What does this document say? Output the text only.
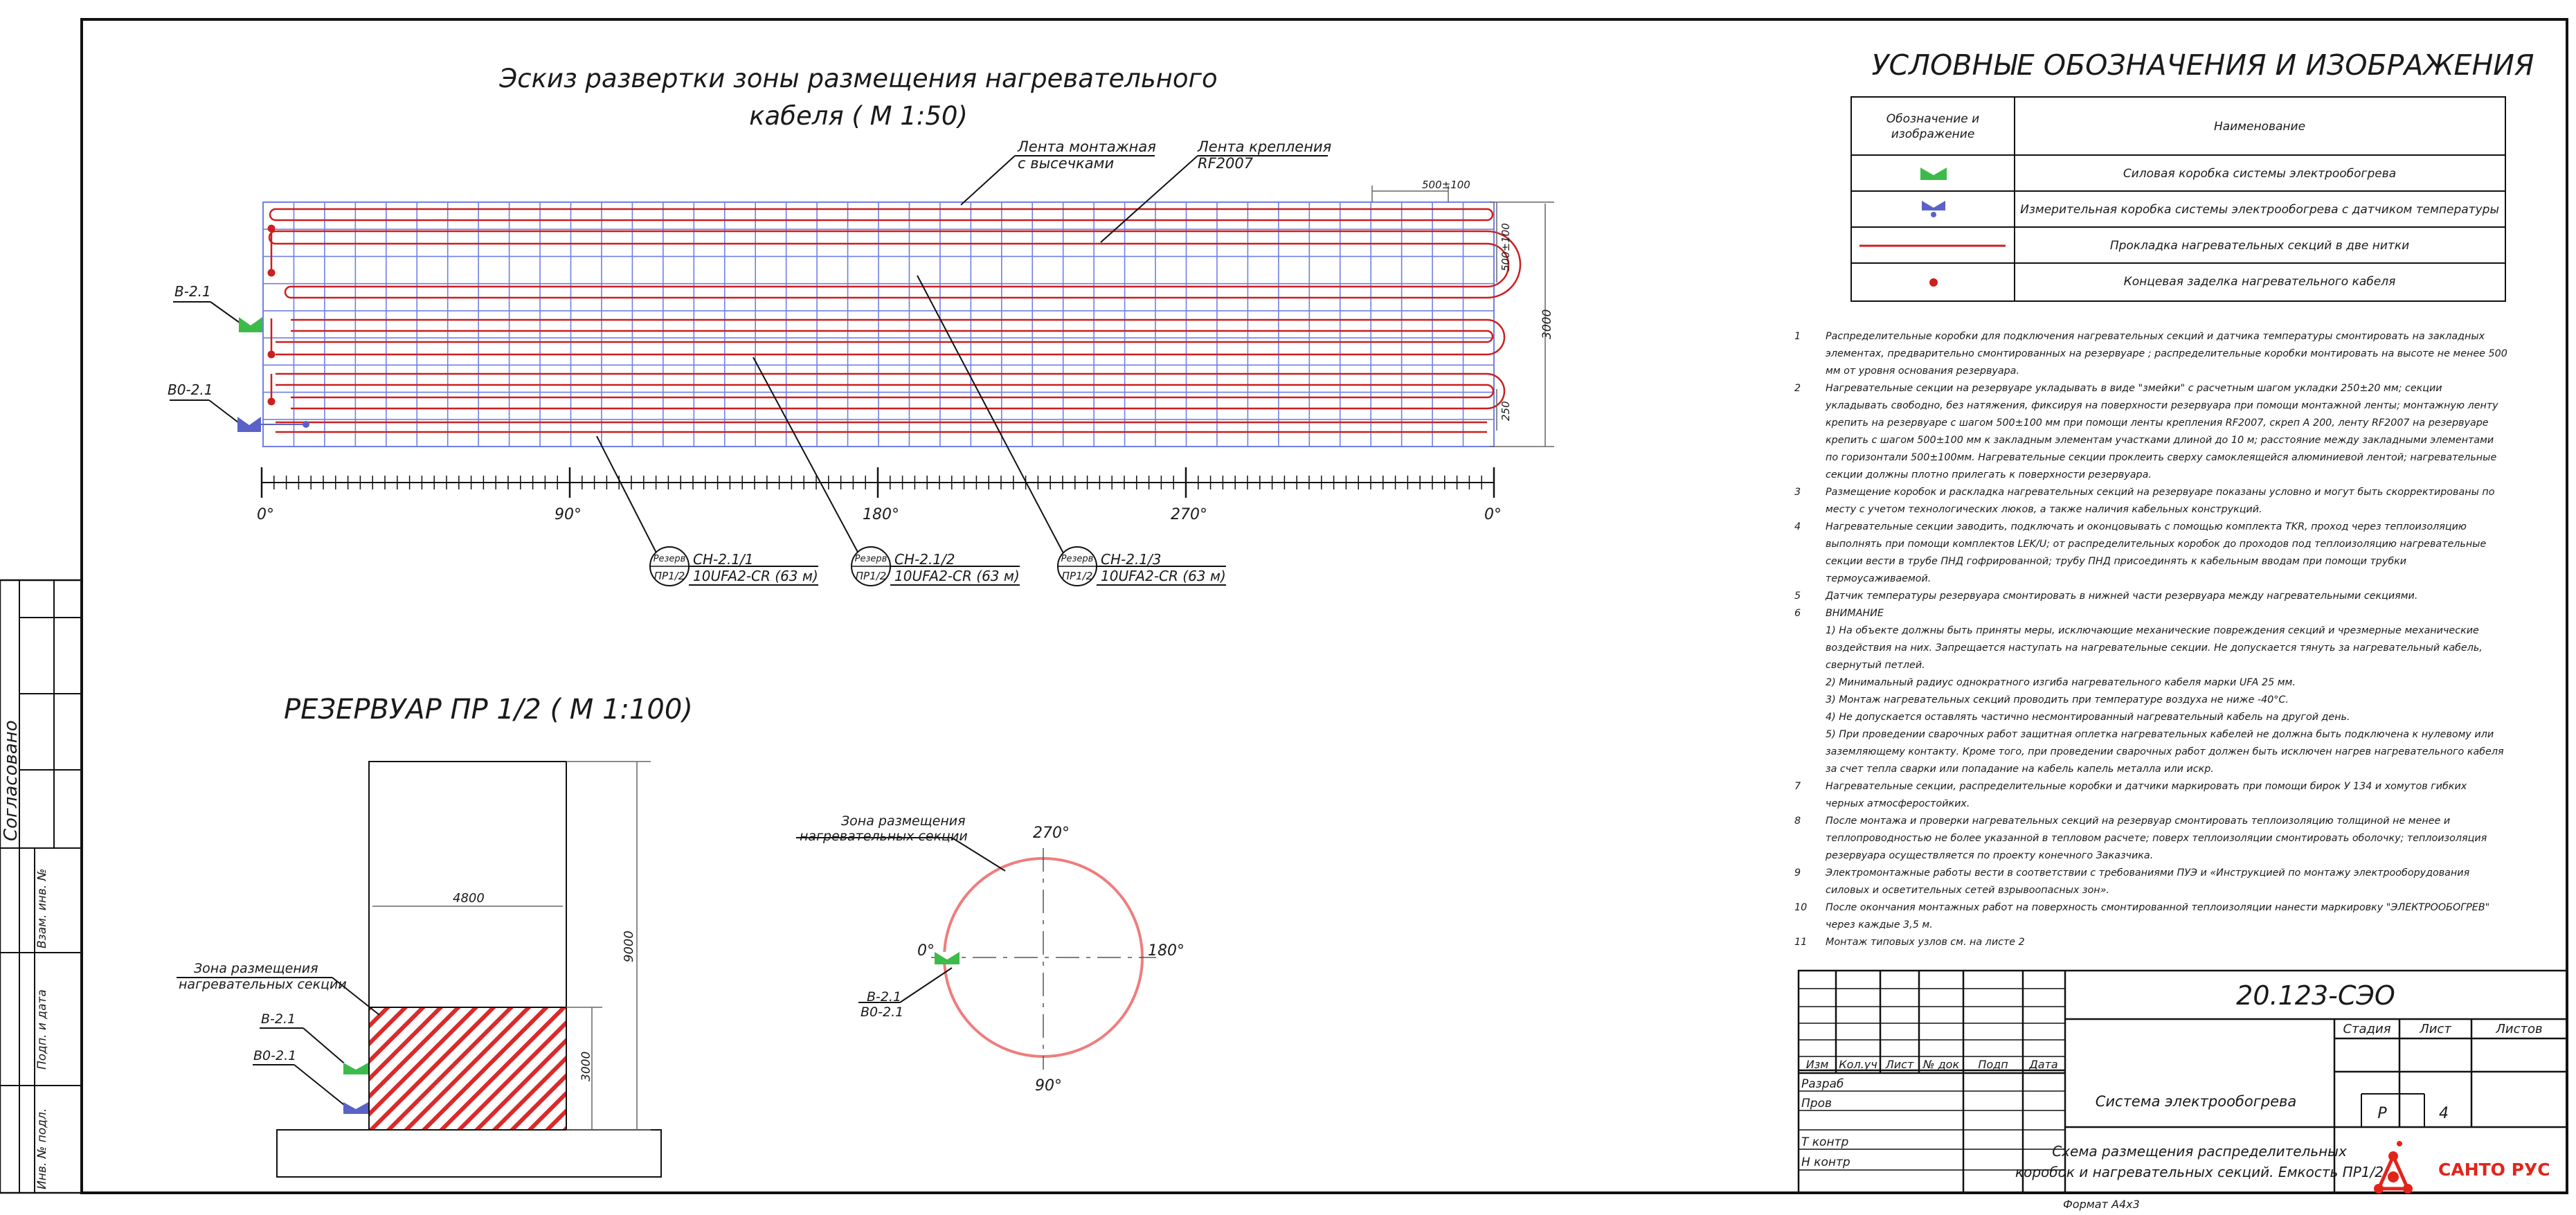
Согласовано
Взам. инв. №
Подп. и дата
Инв. № подл.
Эскиз развертки зоны размещения нагревательного
кабеля ( М 1:50)
Лента монтажная
с высечками
Лента крепления
RF2007
500±100
500±100
3000
250
В-2.1
В0-2.1
0°	90°	180°	270°	0°
Резерв
ПР1/2
СН-2.1/1
10UFA2-CR (63 м)
Резерв
ПР1/2
СН-2.1/2
10UFA2-CR (63 м)
Резерв
ПР1/2
СН-2.1/3
10UFA2-CR (63 м)
РЕЗЕРВУАР ПР 1/2 ( М 1:100)
4800
9000
3000
Зона размещения
нагревательных секции
В-2.1
В0-2.1
270°
0°	180°
90°
Зона размещения
нагревательных секции
В-2.1
В0-2.1
УСЛОВНЫЕ ОБОЗНАЧЕНИЯ И ИЗОБРАЖЕНИЯ
Обозначение и
изображение
Наименование
Силовая коробка системы электрообогрева
Измерительная коробка системы электрообогрева с датчиком температуры
Прокладка нагревательных секций в две нитки
Концевая заделка нагревательного кабеля
20.123-СЭО
Изм Кол.уч Лист № док Подп Дата
Разраб
Пров
Т контр
Н контр
Система электрообогрева
Стадия Лист	Листов
Р	4
Схема размещения распределительных
коробок и нагревательных секций. Емкость ПР1/2	САНТО РУС
Формат А4х3
1	Распределительные коробки для подключения нагревательных секций и датчика температуры смонтировать на закладных элементах, предварительно смонтированных на резервуаре ; распределительные коробки монтировать на высоте не менее 500 мм от уровня основания резервуара.
2	Нагревательные секции на резервуаре укладывать в виде "змейки" с расчетным шагом укладки 250±20 мм; секции укладывать свободно, без натяжения, фиксируя на поверхности резервуара при помощи монтажной ленты; монтажную ленту крепить на резервуаре с шагом 500±100 мм при помощи ленты крепления RF2007, скреп А 200, ленту RF2007 на резервуаре крепить с шагом 500±100 мм к закладным элементам участками длиной до 10 м; расстояние между закладными элементами по горизонтали 500±100мм. Нагревательные секции проклеить сверху самоклеящейся алюминиевой лентой; нагревательные секции должны плотно прилегать к поверхности резервуара.
3	Размещение коробок и раскладка нагревательных секций на резервуаре показаны условно и могут быть скорректированы по месту с учетом технологических люков, а также наличия кабельных конструкций.
4	Нагревательные секции заводить, подключать и оконцовывать с помощью комплекта TKR, проход через теплоизоляцию выполнять при помощи комплектов LEK/U; от распределительных коробок до проходов под теплоизоляцию нагревательные секции вести в трубе ПНД гофрированной; трубу ПНД присоединять к кабельным вводам при помощи трубки термоусаживаемой.
5	Датчик температуры резервуара смонтировать в нижней части резервуара между нагревательными секциями.
6	ВНИМАНИЕ
1) На объекте должны быть приняты меры, исключающие механические повреждения секций и чрезмерные механические воздействия на них. Запрещается наступать на нагревательные секции. Не допускается тянуть за нагревательный кабель, свернутый петлей.
2) Минимальный радиус однократного изгиба нагревательного кабеля марки UFA 25 мм.
3) Монтаж нагревательных секций проводить при температуре воздуха не ниже -40°С.
4) Не допускается оставлять частично несмонтированный нагревательный кабель на другой день.
5) При проведении сварочных работ защитная оплетка нагревательных кабелей не должна быть подключена к нулевому или заземляющему контакту. Кроме того, при проведении сварочных работ должен быть исключен нагрев нагревательного кабеля за счет тепла сварки или попадание на кабель капель металла или искр.
7	Нагревательные секции, распределительные коробки и датчики маркировать при помощи бирок У 134 и хомутов гибких черных атмосферостойких.
8	После монтажа и проверки нагревательных секций на резервуар смонтировать теплоизоляцию толщиной не менее и теплопроводностью не более указанной в тепловом расчете; поверх теплоизоляции смонтировать оболочку; теплоизоляция резервуара осуществляется по проекту конечного Заказчика.
9	Электромонтажные работы вести в соответствии с требованиями ПУЭ и «Инструкцией по монтажу электрооборудования силовых и осветительных сетей взрывоопасных зон».
10	После окончания монтажных работ на поверхность смонтированной теплоизоляции нанести маркировку "ЭЛЕКТРООБОГРЕВ" через каждые 3,5 м.
11	Монтаж типовых узлов см. на листе 2
